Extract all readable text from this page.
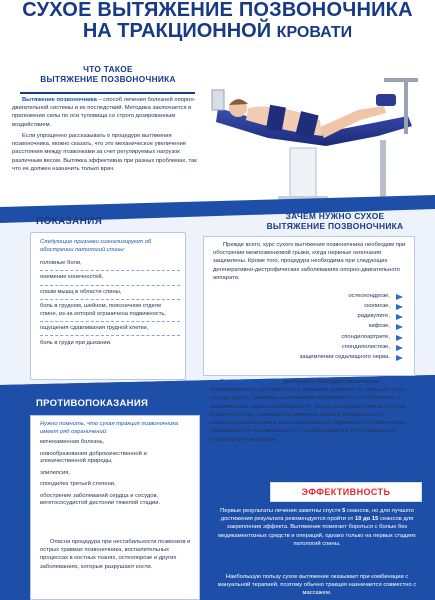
СУХОЕ ВЫТЯЖЕНИЕ ПОЗВОНОЧНИКА
НА ТРАКЦИОННОЙ КРОВАТИ
ЧТО ТАКОЕ
ВЫТЯЖЕНИЕ ПОЗВОНОЧНИКА

Вытяжение позвоночника – способ лечения болезней опорно-двигательной системы и их последствий. Методика заключается в приложении силы по оси туловища со строго дозированным воздействием.

Если упрощенно рассказывать о процедуре вытяжения позвоночника, можно сказать, что это механическое увеличение расстояния между позвонками за счет регулируемых нагрузок различным весом. Вытяжка эффективна при разных проблемах, так что ее должен назначить только врач.

ПОКАЗАНИЯ
Следующие признаки сигнализируют об обострении патологий спины:
головные боли,
онемение конечностей,
спазм мышц в области спины,
боль в грудном, шейном, поясничном отделе спине, из-за которой ограничена подвижность,
ощущения сдавливания грудной клетки,
боль в груди при дыхании.
ЗАЧЕМ НУЖНО СУХОЕ
ВЫТЯЖЕНИЕ ПОЗВОНОЧНИКА
Прежде всего, курс сухого вытяжения позвоночника необходим при обострении межпозвонковой грыжи, когда нервные окончания защемлены. Кроме того, процедура необходима при следующих дегенеративно-дистрофических заболеваниях опорно-двигательного аппарата:
остеохондрозе,
сколиозе,
радикулите,
кифозе,
спондилоартрите,
спондилолистезе,
защемлении седалищного нерва.
Клинический эффект достигается благодаря увеличению межпозвоночного пространства и снижения давления на нервный ствол, сосуды, диски. Грыжевые выпячивания вправляются и не беспокоят, а защемленные нервы освобождаются. После процедуры снимается боль, купируется боль, усиливается движение крови и лимфы во всех сегментах позвоночника, восстанавливается подвижность позвоночника, нормализуется чувствительность, стабилизируется тонус мышечных тканей вокруг позвонков.
ПРОТИВОПОКАЗАНИЯ
Нужно помнить, что сухая тракция позвоночника имеет ряд ограничений:
мочекаменная болезнь,
новообразования доброкачественной и злокачественной природы,
эпилепсия,
спондилез третьей степени,
обострение заболеваний сердца и сосудов, вегетососудистой дистонии тяжелой стадии.
Опасна процедура при нестабильности позвонков и острых травмах позвоночника, воспалительных процессах в костных тканях, остеопорозе и других заболеваниях, которые разрушают кости.
ЭФФЕКТИВНОСТЬ
Первые результаты лечения заметны спустя 5 сеансов, но для лучшего достижения результата рекомендуется пройти от 10 до 15 сеансов для закрепления эффекта. Вытяжение помогает бороться с болью без медикаментозных средств и операций, однако только на первых стадиях патологий спины.
Наибольшую пользу сухое вытяжение оказывает при комбинации с мануальной терапией, поэтому обычно тракция назначается совместно с массажем.
